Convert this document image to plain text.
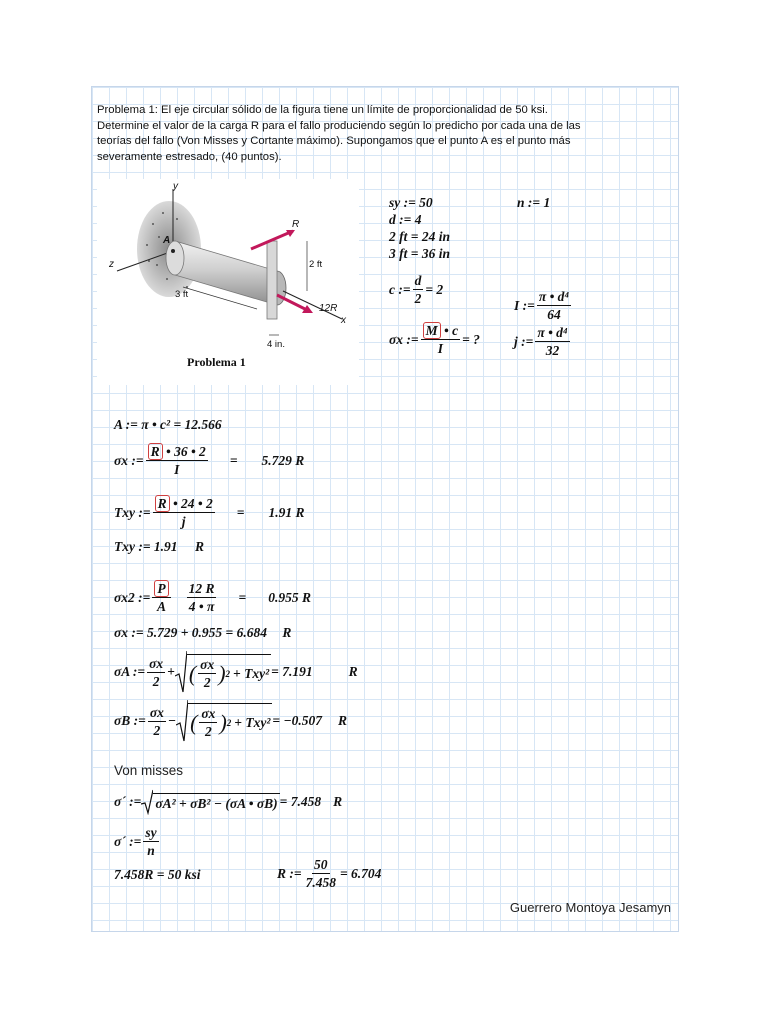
Problema 1: El eje circular sólido de la figura tiene un límite de proporcionalidad de 50 ksi. Determine el valor de la carga R para el fallo produciendo según lo predicho por cada una de las teorías del fallo (Von Misses y Cortante máximo). Supongamos que el punto A es el punto más severamente estresado, (40 puntos).
y
z
x
A
R
2 ft
3 ft
4 in.
12R
Problema 1
sy := 50	n := 1
d := 4
2 ft = 24 in
3 ft = 36 in
c := $\frac{d}{2} = 2$
I := $\frac{\text{π • d⁴}}{64}$
σx := $\frac{M • c}{I}$ = ?	j := $\frac{\text{π • d⁴}}{32}$
A := π • c² = 12.566
σx := $\frac{R • 36 • 2}{I} = 5.729$ R
Txy := $\frac{R • 24 • 2}{j} = 1.91$ R
Txy := 1.91 R
σx2 := $\frac{P}{A} \frac{12 R}{4 • \pi} = 0.955$ R
σx := 5.729 + 0.955 = 6.684 R
σA := $\frac{\sigma x}{2}$ + ( $\frac{\sigma x}{2}$ ) 2 + Txy² = 7.191	R
σB := $\frac{\sigma x}{2}$ − ( $\frac{\sigma x}{2}$ ) 2 + Txy² = −0.507 R
Von misses
σ´ := σA² + σB² − (σA • σB) = 7.458 R
σ´ := $\frac{sy}{n}$
7.458R = 50 ksi	R := $\frac{50}{7.458} = 6.704$
Guerrero Montoya Jesamyn
